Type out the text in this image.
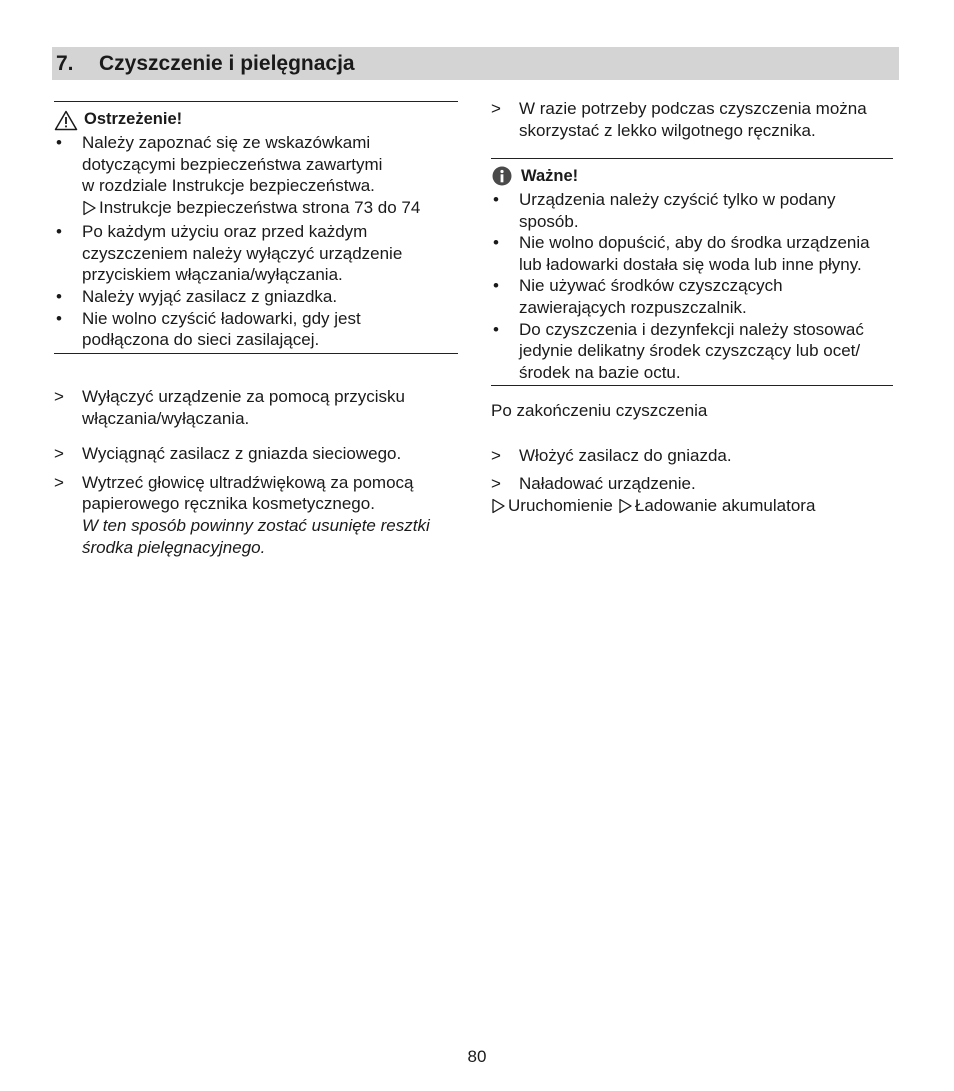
7. Czyszczenie i pielęgnacja
Ostrzeżenie!
• Należy zapoznać się ze wskazówkami
dotyczącymi bezpieczeństwa zawartymi
w rozdziale Instrukcje bezpieczeństwa.
Instrukcje bezpieczeństwa strona 73 do 74
• Po każdym użyciu oraz przed każdym
czyszczeniem należy wyłączyć urządzenie
przyciskiem włączania/wyłączania.
• Należy wyjąć zasilacz z gniazdka.
• Nie wolno czyścić ładowarki, gdy jest
podłączona do sieci zasilającej.
> Wyłączyć urządzenie za pomocą przycisku
włączania/wyłączania.
> Wyciągnąć zasilacz z gniazda sieciowego.
> Wytrzeć głowicę ultradźwiękową za pomocą
papierowego ręcznika kosmetycznego.
W ten sposób powinny zostać usunięte resztki
środka pielęgnacyjnego.
> W razie potrzeby podczas czyszczenia można
skorzystać z lekko wilgotnego ręcznika.
Ważne!
• Urządzenia należy czyścić tylko w podany
sposób.
• Nie wolno dopuścić, aby do środka urządzenia
lub ładowarki dostała się woda lub inne płyny.
• Nie używać środków czyszczących
zawierających rozpuszczalnik.
• Do czyszczenia i dezynfekcji należy stosować
jedynie delikatny środek czyszczący lub ocet/
środek na bazie octu.
Po zakończeniu czyszczenia
> Włożyć zasilacz do gniazda.
> Naładować urządzenie.
Uruchomienie Ładowanie akumulatora
80
